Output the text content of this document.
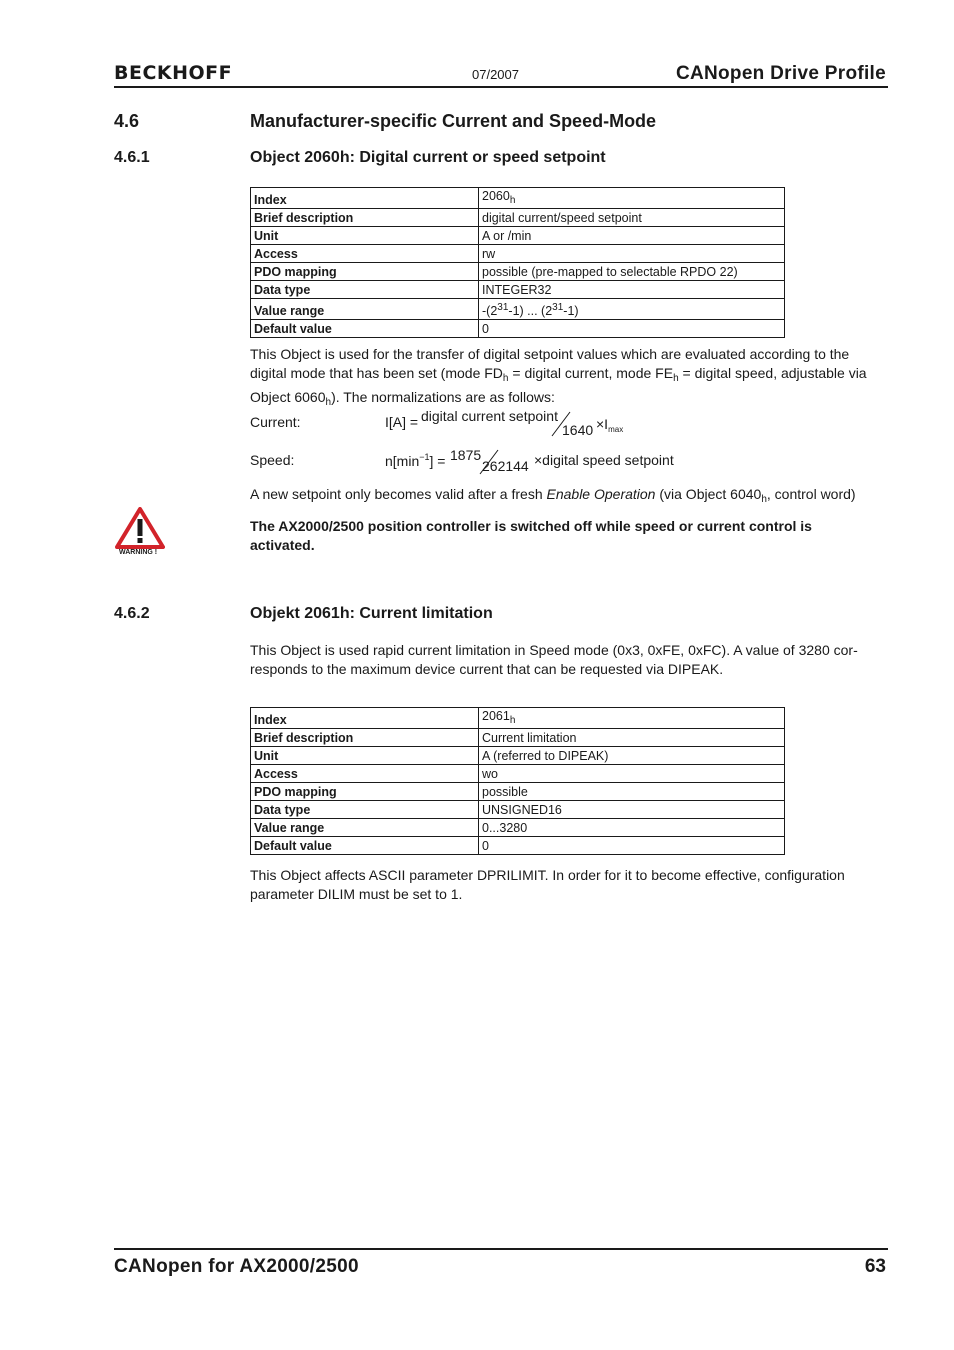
BECKHOFF	07/2007	CANopen Drive Profile
4.6	Manufacturer-specific Current and Speed-Mode
4.6.1	Object 2060h: Digital current or speed setpoint
Index	$2060_h$
Brief description	digital current/speed setpoint
Unit	A or /min
Access	rw
PDO mapping	possible (pre-mapped to selectable RPDO 22)
Data type	INTEGER32
Value range	$-(2^{31}-1)$ ... $(2^{31}-1)$
Default value	0
This Object is used for the transfer of digital setpoint values which are evaluated according to the
digital mode that has been set (mode $FD_h$ = digital current, mode $FE_h$ = digital speed, adjustable via
Object $6060_h$). The normalizations are as follows:
Current:	I[A] = digital current setpoint
$1640 \times I_{max}$
Speed:	$n[\min^{-1}] = 1875$
262144 ×digital speed setpoint
A new setpoint only becomes valid after a fresh Enable Operation (via Object $6040_h$, control word)
WARNING !
The AX2000/2500 position controller is switched off while speed or current control is
activated.
4.6.2	Objekt 2061h: Current limitation
This Object is used rapid current limitation in Speed mode (0x3, 0xFE, 0xFC). A value of 3280 cor-
responds to the maximum device current that can be requested via DIPEAK.
Index	$2061_h$
Brief description	Current limitation
Unit	A (referred to DIPEAK)
Access	wo
PDO mapping	possible
Data type	UNSIGNED16
Value range	0...3280
Default value	0
This Object affects ASCII parameter DPRILIMIT. In order for it to become effective, configuration
parameter DILIM must be set to 1.
CANopen for AX2000/2500	63
